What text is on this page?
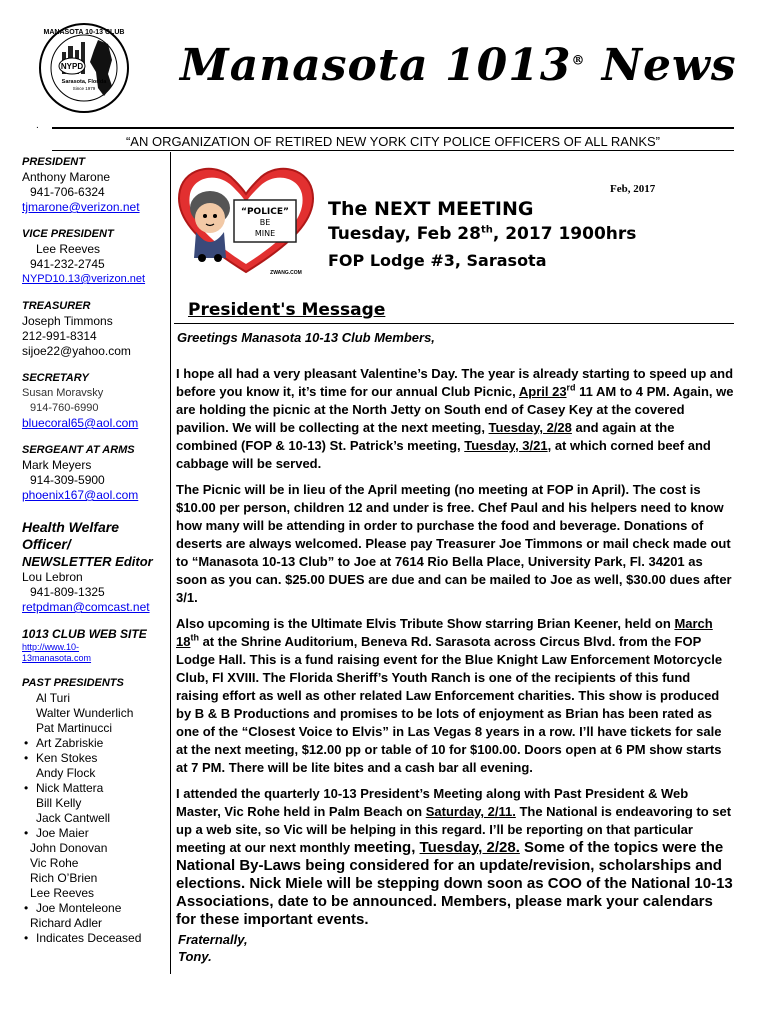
NYPD
Sarasota, Florida
Since 1979
MANASOTA 10-13 CLUB
Manasota 1013® News
.
“AN ORGANIZATION OF RETIRED NEW YORK CITY POLICE OFFICERS OF ALL RANKS”
PRESIDENT
Anthony Marone
941-706-6324
tjmarone@verizon.net
VICE PRESIDENT
Lee Reeves
941-232-2745
NYPD10.13@verizon.net
TREASURER
Joseph Timmons
212-991-8314
sijoe22@yahoo.com
SECRETARY
Susan Moravsky
914-760-6990
bluecoral65@aol.com
SERGEANT AT ARMS
Mark Meyers
914-309-5900
phoenix167@aol.com
Health Welfare
Officer/
NEWSLETTER Editor
Lou Lebron
941-809-1325
retpdman@comcast.net
1013 CLUB WEB SITE
http://www.10-
13manasota.com
PAST PRESIDENTS
Al Turi
Walter Wunderlich
Pat Martinucci
• Art Zabriskie
• Ken Stokes
Andy Flock
• Nick Mattera
Bill Kelly
Jack Cantwell
• Joe Maier
John Donovan
Vic Rohe
Rich O’Brien
Lee Reeves
• Joe Monteleone
Richard Adler
• Indicates Deceased
“POLICE”
BE
MINE
ZWANG.COM
Feb, 2017
The NEXT MEETING
Tuesday, Feb 28th, 2017 1900hrs
FOP Lodge #3, Sarasota
President's Message
Greetings Manasota 10-13 Club Members,

I hope all had a very pleasant Valentine’s Day. The year is already starting to speed up and before you know it, it’s time for our annual Club Picnic, April 23rd 11 AM to 4 PM. Again, we are holding the picnic at the North Jetty on South end of Casey Key at the covered pavilion. We will be collecting at the next meeting, Tuesday, 2/28 and again at the combined (FOP & 10-13) St. Patrick’s meeting, Tuesday, 3/21, at which corned beef and cabbage will be served.

The Picnic will be in lieu of the April meeting (no meeting at FOP in April). The cost is $10.00 per person, children 12 and under is free. Chef Paul and his helpers need to know how many will be attending in order to purchase the food and beverage. Donations of deserts are always welcomed. Please pay Treasurer Joe Timmons or mail check made out to “Manasota 10-13 Club” to Joe at 7614 Rio Bella Place, University Park, Fl. 34201 as soon as you can. $25.00 DUES are due and can be mailed to Joe as well, $30.00 dues after 3/1.

Also upcoming is the Ultimate Elvis Tribute Show starring Brian Keener, held on March 18th at the Shrine Auditorium, Beneva Rd. Sarasota across Circus Blvd. from the FOP Lodge Hall. This is a fund raising event for the Blue Knight Law Enforcement Motorcycle Club, Fl XVIII. The Florida Sheriff’s Youth Ranch is one of the recipients of this fund raising effort as well as other related Law Enforcement charities. This show is produced by B & B Productions and promises to be lots of enjoyment as Brian has been rated as one of the “Closest Voice to Elvis” in Las Vegas 8 years in a row. I’ll have tickets for sale at the next meeting, $12.00 pp or table of 10 for $100.00. Doors open at 6 PM show starts at 7 PM. There will be lite bites and a cash bar all evening.

I attended the quarterly 10-13 President’s Meeting along with Past President & Web Master, Vic Rohe held in Palm Beach on Saturday, 2/11. The National is endeavoring to set up a web site, so Vic will be helping in this regard. I’ll be reporting on that particular meeting at our next monthly meeting, Tuesday, 2/28. Some of the topics were the National By-Laws being considered for an update/revision, scholarships and elections. Nick Miele will be stepping down soon as COO of the National 10-13 Associations, date to be announced. Members, please mark your calendars for these important events.

Fraternally,
Tony.
